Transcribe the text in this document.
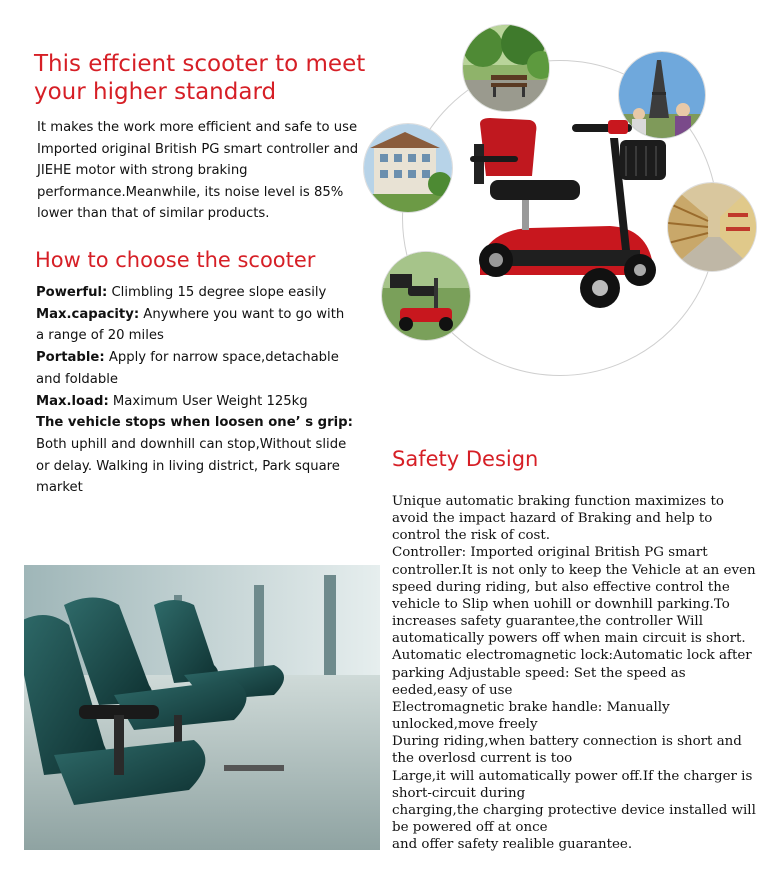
This effcient scooter to meet
your higher standard
It makes the work more efficient and safe to use Imported original British PG smart controller and JIEHE motor with strong braking performance.Meanwhile, its noise level is 85% lower than that of similar products.
How to choose the scooter

Powerful: Climbling 15 degree slope easily

Max.capacity: Anywhere you want to go with a range of 20 miles

Portable: Apply for narrow space,detachable and foldable

Max.load: Maximum User Weight 125kg

The vehicle stops when loosen one’ s grip:
Both uphill and downhill can stop,Without slide or delay. Walking in living district, Park square market

Safety Design

Unique automatic braking function maximizes to avoid the impact hazard of Braking and help to control the risk of cost.

Controller: Imported original British PG smart controller.It is not only to keep the Vehicle at an even speed during riding, but also effective control the vehicle to Slip when uohill or downhill parking.To increases safety guarantee,the controller Will automatically powers off when main circuit is short.

Automatic electromagnetic lock:Automatic lock after parking Adjustable speed: Set the speed as eeded,easy of use

Electromagnetic brake handle: Manually unlocked,move freely

During riding,when battery connection is short and the overlosd current is too

Large,it will automatically power off.If the charger is short-circuit during

charging,the charging protective device installed will be powered off at once

and offer safety realible guarantee.
